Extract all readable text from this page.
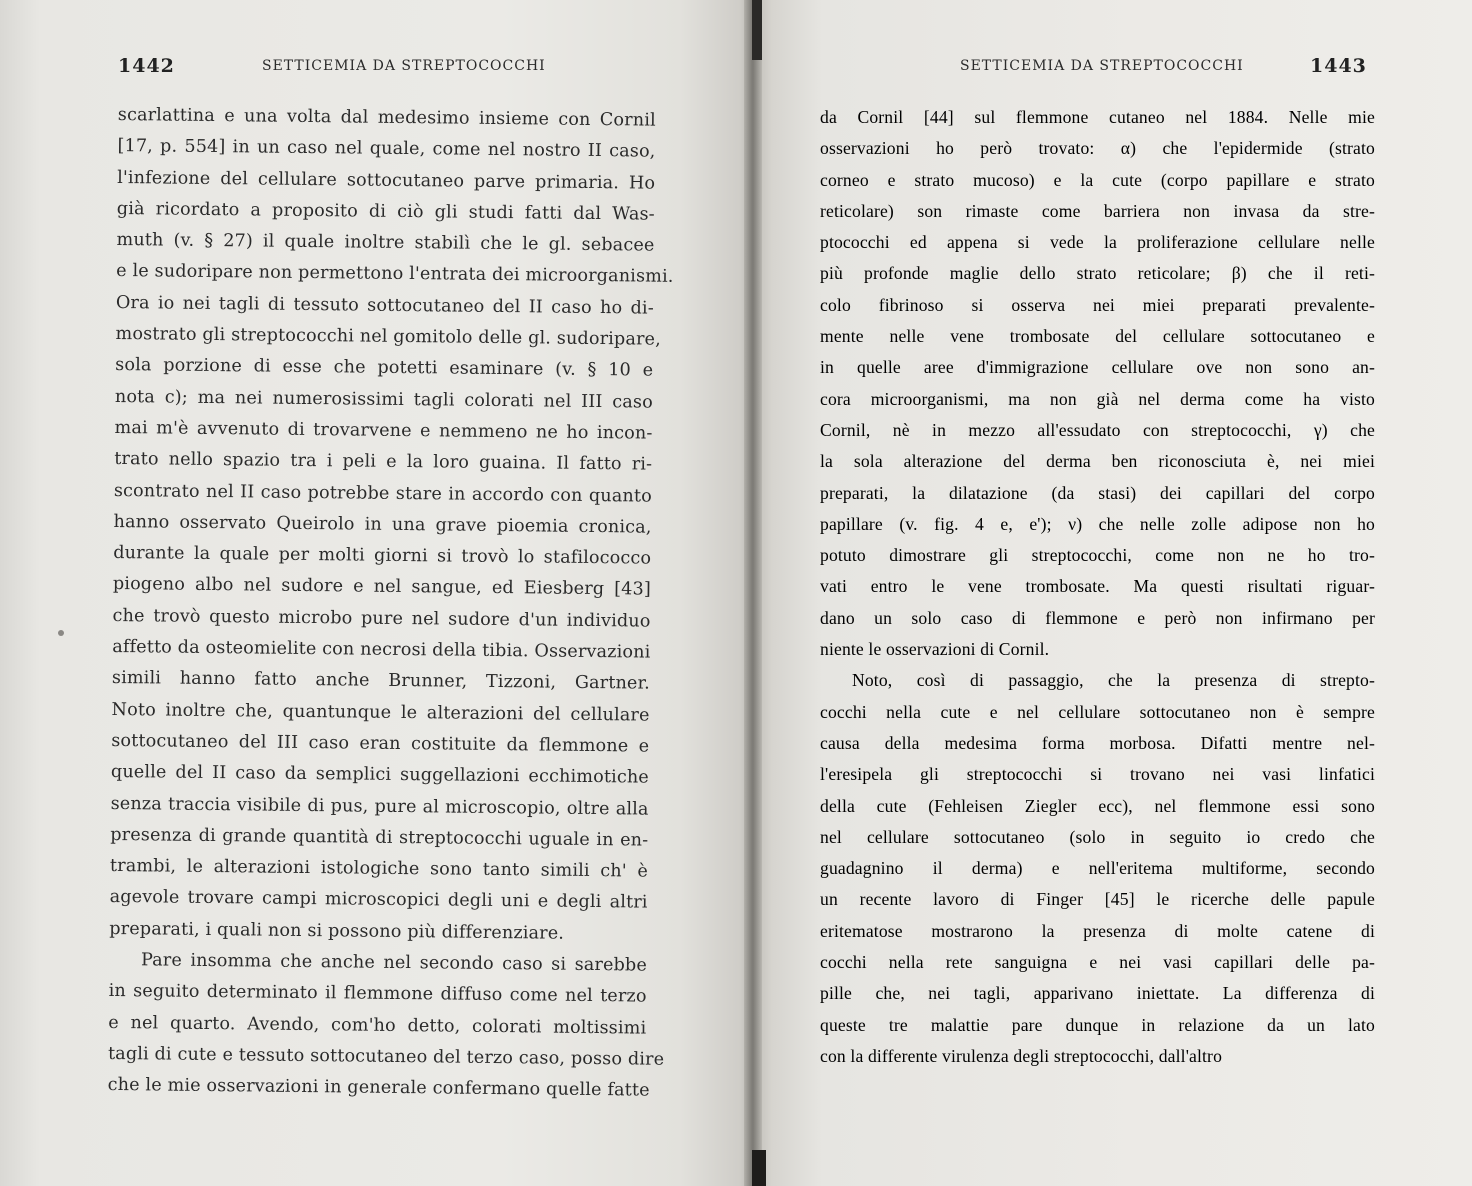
1442	SETTICEMIA DA STREPTOCOCCHI
scarlattina e una volta dal medesimo insieme con Cornil
[17, p. 554] in un caso nel quale, come nel nostro II caso,
l'infezione del cellulare sottocutaneo parve primaria. Ho
già ricordato a proposito di ciò gli studi fatti dal Was-
muth (v. § 27) il quale inoltre stabilì che le gl. sebacee
e le sudoripare non permettono l'entrata dei microorganismi.
Ora io nei tagli di tessuto sottocutaneo del II caso ho di-
mostrato gli streptococchi nel gomitolo delle gl. sudoripare,
sola porzione di esse che potetti esaminare (v. § 10 e
nota c); ma nei numerosissimi tagli colorati nel III caso
mai m'è avvenuto di trovarvene e nemmeno ne ho incon-
trato nello spazio tra i peli e la loro guaina. Il fatto ri-
scontrato nel II caso potrebbe stare in accordo con quanto
hanno osservato Queirolo in una grave pioemia cronica,
durante la quale per molti giorni si trovò lo stafilococco
piogeno albo nel sudore e nel sangue, ed Eiesberg [43]
che trovò questo microbo pure nel sudore d'un individuo
affetto da osteomielite con necrosi della tibia. Osservazioni
simili hanno fatto anche Brunner, Tizzoni, Gartner.
Noto inoltre che, quantunque le alterazioni del cellulare
sottocutaneo del III caso eran costituite da flemmone e
quelle del II caso da semplici suggellazioni ecchimotiche
senza traccia visibile di pus, pure al microscopio, oltre alla
presenza di grande quantità di streptococchi uguale in en-
trambi, le alterazioni istologiche sono tanto simili ch' è
agevole trovare campi microscopici degli uni e degli altri
preparati, i quali non si possono più differenziare.
Pare insomma che anche nel secondo caso si sarebbe
in seguito determinato il flemmone diffuso come nel terzo
e nel quarto. Avendo, com'ho detto, colorati moltissimi
tagli di cute e tessuto sottocutaneo del terzo caso, posso dire
che le mie osservazioni in generale confermano quelle fatte
SETTICEMIA DA STREPTOCOCCHI	1443
da Cornil [44] sul flemmone cutaneo nel 1884. Nelle mie
osservazioni ho però trovato: α) che l'epidermide (strato
corneo e strato mucoso) e la cute (corpo papillare e strato
reticolare) son rimaste come barriera non invasa da stre-
ptococchi ed appena si vede la proliferazione cellulare nelle
più profonde maglie dello strato reticolare; β) che il reti-
colo fibrinoso si osserva nei miei preparati prevalente-
mente nelle vene trombosate del cellulare sottocutaneo e
in quelle aree d'immigrazione cellulare ove non sono an-
cora microorganismi, ma non già nel derma come ha visto
Cornil, nè in mezzo all'essudato con streptococchi, γ) che
la sola alterazione del derma ben riconosciuta è, nei miei
preparati, la dilatazione (da stasi) dei capillari del corpo
papillare (v. fig. 4 e, e'); ν) che nelle zolle adipose non ho
potuto dimostrare gli streptococchi, come non ne ho tro-
vati entro le vene trombosate. Ma questi risultati riguar-
dano un solo caso di flemmone e però non infirmano per
niente le osservazioni di Cornil.
Noto, così di passaggio, che la presenza di strepto-
cocchi nella cute e nel cellulare sottocutaneo non è sempre
causa della medesima forma morbosa. Difatti mentre nel-
l'eresipela gli streptococchi si trovano nei vasi linfatici
della cute (Fehleisen Ziegler ecc), nel flemmone essi sono
nel cellulare sottocutaneo (solo in seguito io credo che
guadagnino il derma) e nell'eritema multiforme, secondo
un recente lavoro di Finger [45] le ricerche delle papule
eritematose mostrarono la presenza di molte catene di
cocchi nella rete sanguigna e nei vasi capillari delle pa-
pille che, nei tagli, apparivano iniettate. La differenza di
queste tre malattie pare dunque in relazione da un lato
con la differente virulenza degli streptococchi, dall'altro
